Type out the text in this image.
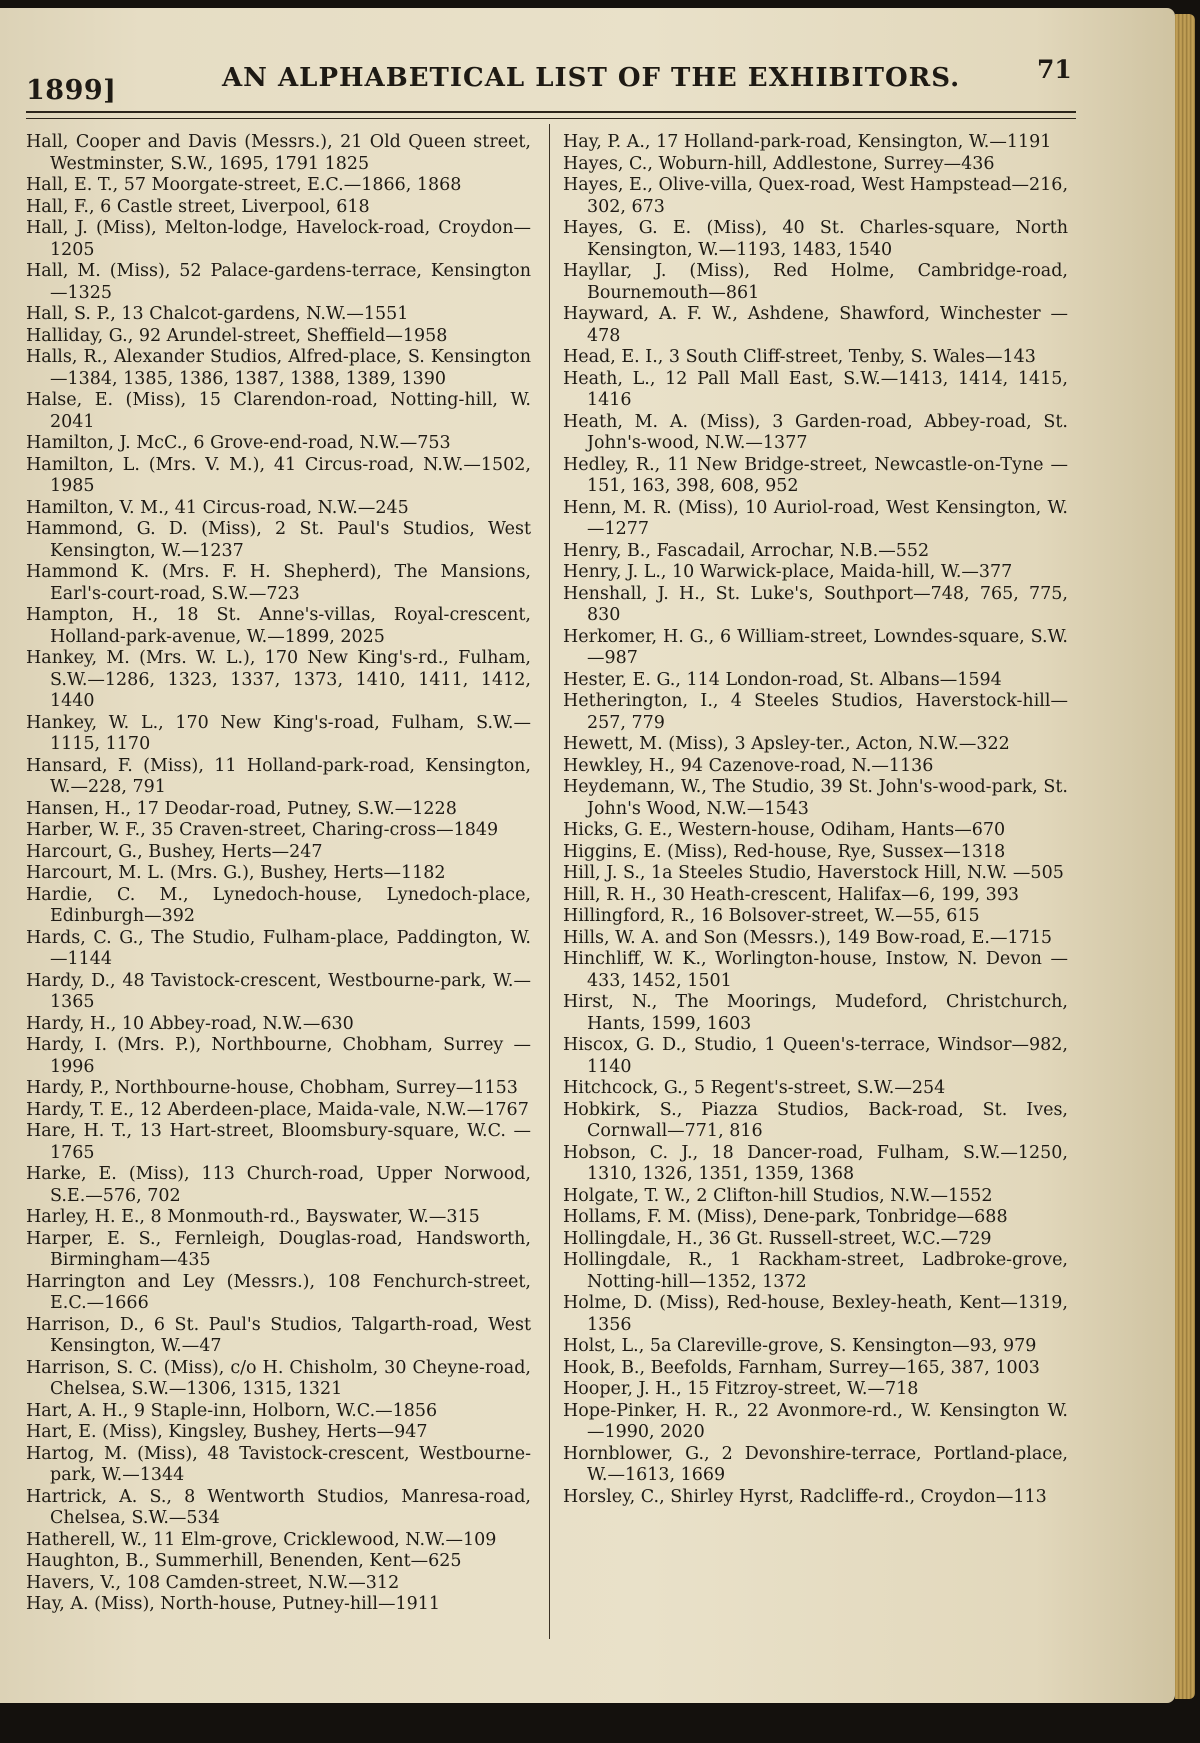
1899]	AN ALPHABETICAL LIST OF THE EXHIBITORS.	71

Hall, Cooper and Davis (Messrs.), 21 Old Queen street, Westminster, S.W., 1695, 1791 1825

Hall, E. T., 57 Moorgate-street, E.C.—1866, 1868

Hall, F., 6 Castle street, Liverpool, 618

Hall, J. (Miss), Melton-lodge, Havelock-road, Croydon—1205

Hall, M. (Miss), 52 Palace-gardens-terrace, Kensington—1325

Hall, S. P., 13 Chalcot-gardens, N.W.—1551

Halliday, G., 92 Arundel-street, Sheffield—1958

Halls, R., Alexander Studios, Alfred-place, S. Kensington—1384, 1385, 1386, 1387, 1388, 1389, 1390

Halse, E. (Miss), 15 Clarendon-road, Notting-hill, W. 2041

Hamilton, J. McC., 6 Grove-end-road, N.W.—753

Hamilton, L. (Mrs. V. M.), 41 Circus-road, N.W.—1502, 1985

Hamilton, V. M., 41 Circus-road, N.W.—245

Hammond, G. D. (Miss), 2 St. Paul's Studios, West Kensington, W.—1237

Hammond K. (Mrs. F. H. Shepherd), The Mansions, Earl's-court-road, S.W.—723

Hampton, H., 18 St. Anne's-villas, Royal-crescent, Holland-park-avenue, W.—1899, 2025

Hankey, M. (Mrs. W. L.), 170 New King's-rd., Fulham, S.W.—1286, 1323, 1337, 1373, 1410, 1411, 1412, 1440

Hankey, W. L., 170 New King's-road, Fulham, S.W.—1115, 1170

Hansard, F. (Miss), 11 Holland-park-road, Kensington, W.—228, 791

Hansen, H., 17 Deodar-road, Putney, S.W.—1228

Harber, W. F., 35 Craven-street, Charing-cross—1849

Harcourt, G., Bushey, Herts—247

Harcourt, M. L. (Mrs. G.), Bushey, Herts—1182

Hardie, C. M., Lynedoch-house, Lynedoch-place, Edinburgh—392

Hards, C. G., The Studio, Fulham-place, Paddington, W.—1144

Hardy, D., 48 Tavistock-crescent, Westbourne-park, W.—1365

Hardy, H., 10 Abbey-road, N.W.—630

Hardy, I. (Mrs. P.), Northbourne, Chobham, Surrey —1996

Hardy, P., Northbourne-house, Chobham, Surrey—1153

Hardy, T. E., 12 Aberdeen-place, Maida-vale, N.W.—1767

Hare, H. T., 13 Hart-street, Bloomsbury-square, W.C. —1765

Harke, E. (Miss), 113 Church-road, Upper Norwood, S.E.—576, 702

Harley, H. E., 8 Monmouth-rd., Bayswater, W.—315

Harper, E. S., Fernleigh, Douglas-road, Handsworth, Birmingham—435

Harrington and Ley (Messrs.), 108 Fenchurch-street, E.C.—1666

Harrison, D., 6 St. Paul's Studios, Talgarth-road, West Kensington, W.—47

Harrison, S. C. (Miss), c/o H. Chisholm, 30 Cheyne-road, Chelsea, S.W.—1306, 1315, 1321

Hart, A. H., 9 Staple-inn, Holborn, W.C.—1856

Hart, E. (Miss), Kingsley, Bushey, Herts—947

Hartog, M. (Miss), 48 Tavistock-crescent, Westbourne-park, W.—1344

Hartrick, A. S., 8 Wentworth Studios, Manresa-road, Chelsea, S.W.—534

Hatherell, W., 11 Elm-grove, Cricklewood, N.W.—109

Haughton, B., Summerhill, Benenden, Kent—625

Havers, V., 108 Camden-street, N.W.—312

Hay, A. (Miss), North-house, Putney-hill—1911

Hay, P. A., 17 Holland-park-road, Kensington, W.—1191

Hayes, C., Woburn-hill, Addlestone, Surrey—436

Hayes, E., Olive-villa, Quex-road, West Hampstead—216, 302, 673

Hayes, G. E. (Miss), 40 St. Charles-square, North Kensington, W.—1193, 1483, 1540

Hayllar, J. (Miss), Red Holme, Cambridge-road, Bournemouth—861

Hayward, A. F. W., Ashdene, Shawford, Winchester —478

Head, E. I., 3 South Cliff-street, Tenby, S. Wales—143

Heath, L., 12 Pall Mall East, S.W.—1413, 1414, 1415, 1416

Heath, M. A. (Miss), 3 Garden-road, Abbey-road, St. John's-wood, N.W.—1377

Hedley, R., 11 New Bridge-street, Newcastle-on-Tyne —151, 163, 398, 608, 952

Henn, M. R. (Miss), 10 Auriol-road, West Kensington, W.—1277

Henry, B., Fascadail, Arrochar, N.B.—552

Henry, J. L., 10 Warwick-place, Maida-hill, W.—377

Henshall, J. H., St. Luke's, Southport—748, 765, 775, 830

Herkomer, H. G., 6 William-street, Lowndes-square, S.W.—987

Hester, E. G., 114 London-road, St. Albans—1594

Hetherington, I., 4 Steeles Studios, Haverstock-hill—257, 779

Hewett, M. (Miss), 3 Apsley-ter., Acton, N.W.—322

Hewkley, H., 94 Cazenove-road, N.—1136

Heydemann, W., The Studio, 39 St. John's-wood-park, St. John's Wood, N.W.—1543

Hicks, G. E., Western-house, Odiham, Hants—670

Higgins, E. (Miss), Red-house, Rye, Sussex—1318

Hill, J. S., 1a Steeles Studio, Haverstock Hill, N.W. —505

Hill, R. H., 30 Heath-crescent, Halifax—6, 199, 393

Hillingford, R., 16 Bolsover-street, W.—55, 615

Hills, W. A. and Son (Messrs.), 149 Bow-road, E.—1715

Hinchliff, W. K., Worlington-house, Instow, N. Devon —433, 1452, 1501

Hirst, N., The Moorings, Mudeford, Christchurch, Hants, 1599, 1603

Hiscox, G. D., Studio, 1 Queen's-terrace, Windsor—982, 1140

Hitchcock, G., 5 Regent's-street, S.W.—254

Hobkirk, S., Piazza Studios, Back-road, St. Ives, Cornwall—771, 816

Hobson, C. J., 18 Dancer-road, Fulham, S.W.—1250, 1310, 1326, 1351, 1359, 1368

Holgate, T. W., 2 Clifton-hill Studios, N.W.—1552

Hollams, F. M. (Miss), Dene-park, Tonbridge—688

Hollingdale, H., 36 Gt. Russell-street, W.C.—729

Hollingdale, R., 1 Rackham-street, Ladbroke-grove, Notting-hill—1352, 1372

Holme, D. (Miss), Red-house, Bexley-heath, Kent—1319, 1356

Holst, L., 5a Clareville-grove, S. Kensington—93, 979

Hook, B., Beefolds, Farnham, Surrey—165, 387, 1003

Hooper, J. H., 15 Fitzroy-street, W.—718

Hope-Pinker, H. R., 22 Avonmore-rd., W. Kensington W.—1990, 2020

Hornblower, G., 2 Devonshire-terrace, Portland-place, W.—1613, 1669

Horsley, C., Shirley Hyrst, Radcliffe-rd., Croydon—113
